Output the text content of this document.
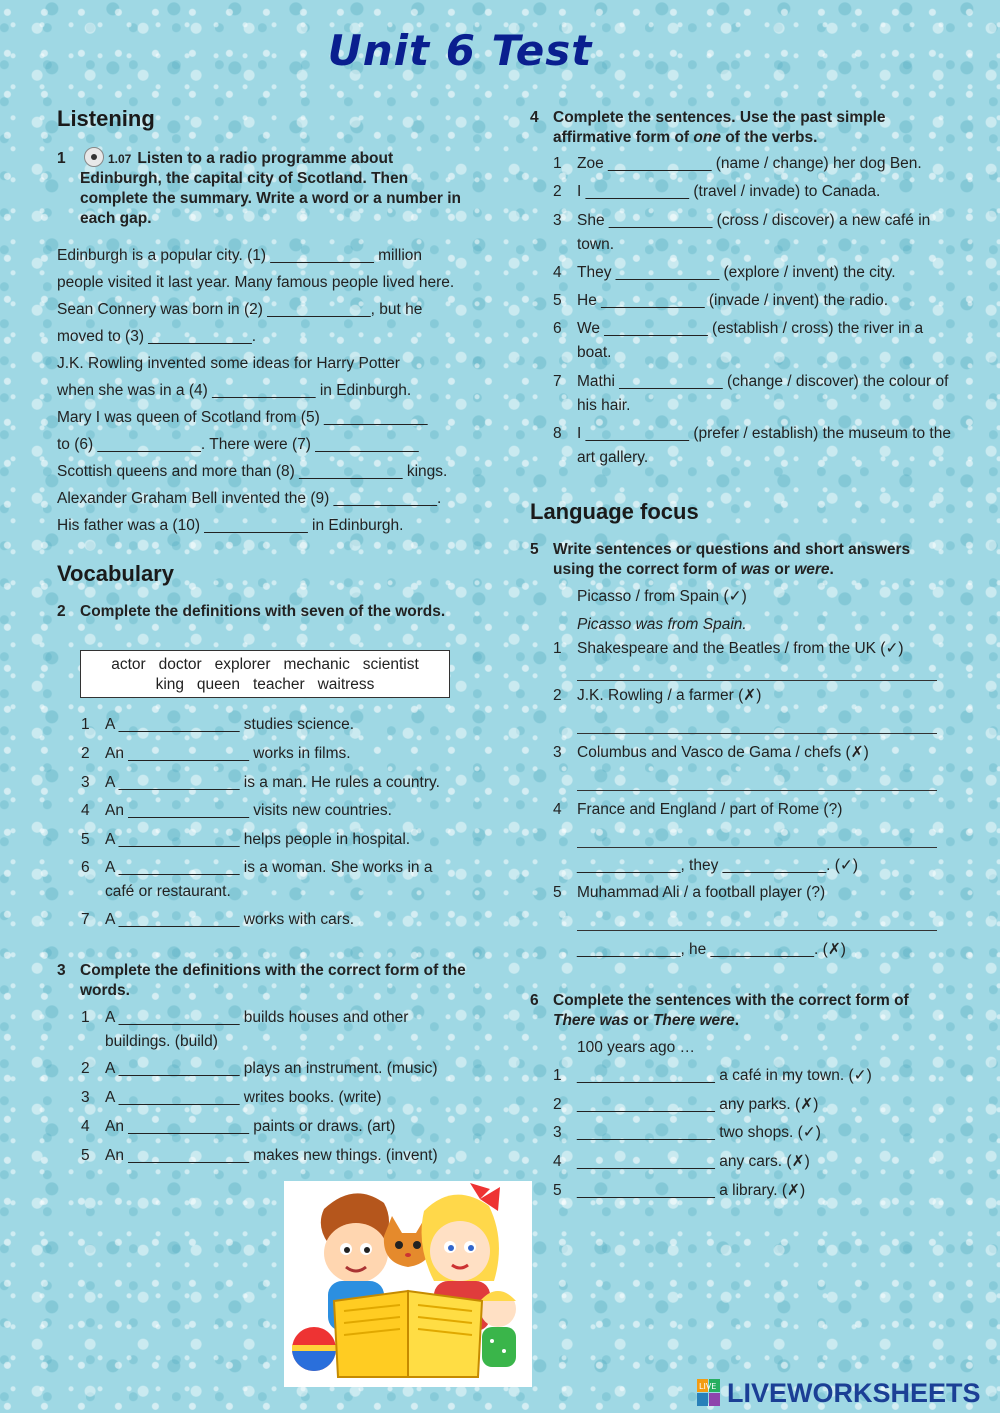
Unit 6 Test
Listening
1	1.07 Listen to a radio programme about Edinburgh, the capital city of Scotland. Then complete the summary. Write a word or a number in each gap.
Edinburgh is a popular city. (1) ____________ million
people visited it last year. Many famous people lived here.
Sean Connery was born in (2) ____________, but he
moved to (3) ____________.
J.K. Rowling invented some ideas for Harry Potter
when she was in a (4) ____________ in Edinburgh.
Mary I was queen of Scotland from (5) ____________
to (6) ____________. There were (7) ____________
Scottish queens and more than (8) ____________ kings.
Alexander Graham Bell invented the (9) ____________.
His father was a (10) ____________ in Edinburgh.
Vocabulary
2 Complete the definitions with seven of the words.
actor   doctor   explorer   mechanic   scientist
king   queen   teacher   waitress
1 A ______________ studies science.
2 An ______________ works in films.
3 A ______________ is a man. He rules a country.
4 An ______________ visits new countries.
5 A ______________ helps people in hospital.
6 A ______________ is a woman. She works in a café or restaurant.
7 A ______________ works with cars.
3 Complete the definitions with the correct form of the words.
1 A ______________ builds houses and other buildings. (build)
2 A ______________ plays an instrument. (music)
3 A ______________ writes books. (write)
4 An ______________ paints or draws. (art)
5 An ______________ makes new things. (invent)
4 Complete the sentences. Use the past simple affirmative form of one of the verbs.
1 Zoe ____________ (name / change) her dog Ben.
2 I ____________ (travel / invade) to Canada.
3 She ____________ (cross / discover) a new café in town.
4 They ____________ (explore / invent) the city.
5 He ____________ (invade / invent) the radio.
6 We ____________ (establish / cross) the river in a boat.
7 Mathi ____________ (change / discover) the colour of his hair.
8 I ____________ (prefer / establish) the museum to the art gallery.
Language focus
5 Write sentences or questions and short answers using the correct form of was or were.
Picasso / from Spain (✓)
Picasso was from Spain.
1 Shakespeare and the Beatles / from the UK (✓)
2 J.K. Rowling / a farmer (✗)
3 Columbus and Vasco de Gama / chefs (✗)
4 France and England / part of Rome (?)
____________, they ____________. (✓)
5 Muhammad Ali / a football player (?)
____________, he ____________. (✗)
6 Complete the sentences with the correct form of There was or There were.
100 years ago …
1 ________________ a café in my town. (✓)
2 ________________ any parks. (✗)
3 ________________ two shops. (✓)
4 ________________ any cars. (✗)
5 ________________ a library. (✗)
LIVE LIVEWORKSHEETS
